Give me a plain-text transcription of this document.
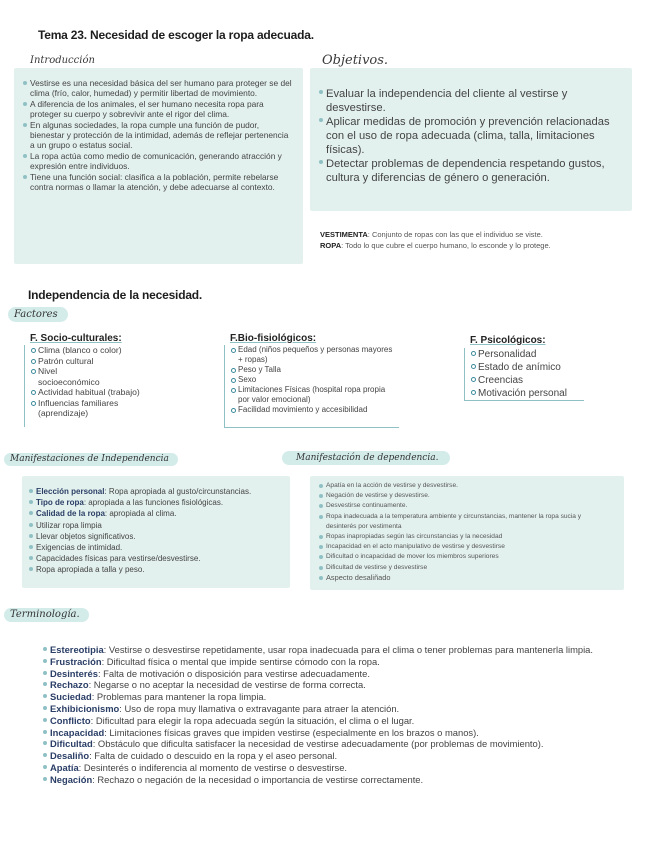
Tema 23. Necesidad de escoger la ropa adecuada.
Introducción
Vestirse es una necesidad básica del ser humano para proteger se del clima (frío, calor, humedad) y permitir libertad de movimiento.
A diferencia de los animales, el ser humano necesita ropa para proteger su cuerpo y sobrevivir ante el rigor del clima.
En algunas sociedades, la ropa cumple una función de pudor, bienestar y protección de la intimidad, además de reflejar pertenencia a un grupo o estatus social.
La ropa actúa como medio de comunicación, generando atracción y expresión entre individuos.
Tiene una función social: clasifica a la población, permite rebelarse contra normas o llamar la atención, y debe adecuarse al contexto.
Objetivos.
Evaluar la independencia del cliente al vestirse y desvestirse.
Aplicar medidas de promoción y prevención relacionadas con el uso de ropa adecuada (clima, talla, limitaciones físicas).
Detectar problemas de dependencia respetando gustos, cultura y diferencias de género o generación.
VESTIMENTA: Conjunto de ropas con las que el individuo se viste.
ROPA: Todo lo que cubre el cuerpo humano, lo esconde y lo protege.
Independencia de la necesidad.
Factores
F. Socio-culturales:
Clima (blanco o color)
Patrón cultural
Nivel socioeconómico
Actividad habitual (trabajo)
Influencias familiares (aprendizaje)
F.Bio-fisiológicos:
Edad (niños pequeños y personas mayores + ropas)
Peso y Talla
Sexo
Limitaciones Físicas (hospital ropa propia por valor emocional)
Facilidad movimiento y accesibilidad
F. Psicológicos:
Personalidad
Estado de anímico
Creencias
Motivación personal
Manifestaciones de Independencia
Elección personal: Ropa apropiada al gusto/circunstancias.
Tipo de ropa: apropiada a las funciones fisiológicas.
Calidad de la ropa: apropiada al clima.
Utilizar ropa limpia
Llevar objetos significativos.
Exigencias de intimidad.
Capacidades físicas para vestirse/desvestirse.
Ropa apropiada a talla y peso.
Manifestación de dependencia.
Apatía en la acción de vestirse y desvestirse.
Negación de vestirse y desvestirse.
Desvestirse continuamente.
Ropa inadecuada a la temperatura ambiente y circunstancias, mantener la ropa sucia y desinterés por vestimenta
Ropas inapropiadas según las circunstancias y la necesidad
Incapacidad en el acto manipulativo de vestirse y desvestirse
Dificultad o incapacidad de mover los miembros superiores
Dificultad de vestirse y desvestirse
Aspecto desaliñado
Terminología.
Estereotipia: Vestirse o desvestirse repetidamente, usar ropa inadecuada para el clima o tener problemas para mantenerla limpia.
Frustración: Dificultad física o mental que impide sentirse cómodo con la ropa.
Desinterés: Falta de motivación o disposición para vestirse adecuadamente.
Rechazo: Negarse o no aceptar la necesidad de vestirse de forma correcta.
Suciedad: Problemas para mantener la ropa limpia.
Exhibicionismo: Uso de ropa muy llamativa o extravagante para atraer la atención.
Conflicto: Dificultad para elegir la ropa adecuada según la situación, el clima o el lugar.
Incapacidad: Limitaciones físicas graves que impiden vestirse (especialmente en los brazos o manos).
Dificultad: Obstáculo que dificulta satisfacer la necesidad de vestirse adecuadamente (por problemas de movimiento).
Desaliño: Falta de cuidado o descuido en la ropa y el aseo personal.
Apatía: Desinterés o indiferencia al momento de vestirse o desvestirse.
Negación: Rechazo o negación de la necesidad o importancia de vestirse correctamente.
